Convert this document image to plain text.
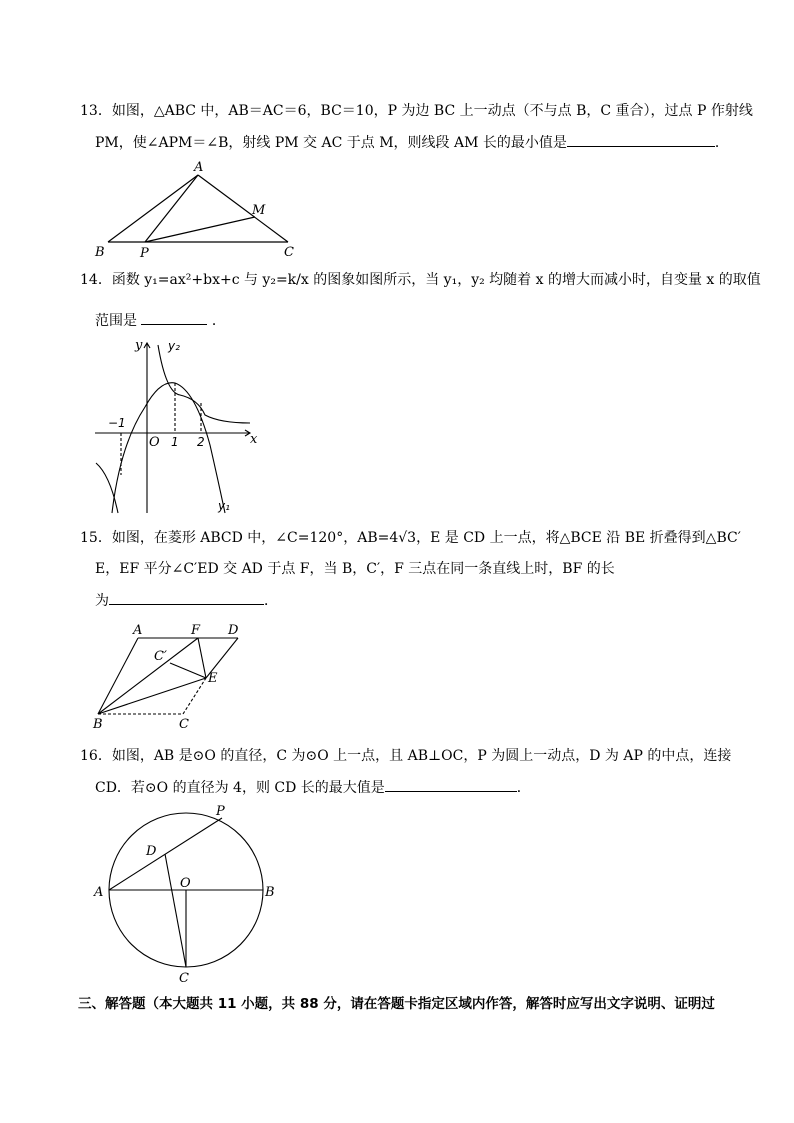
13．如图，△ABC 中，AB＝AC＝6，BC＝10，P 为边 BC 上一动点（不与点 B，C 重合），过点 P 作射线
PM，使∠APM＝∠B，射线 PM 交 AC 于点 M，则线段 AM 长的最小值是	．
A
B	P	C
M
14．函数 y₁=ax²+bx+c 与 y₂=k/x 的图象如图所示，当 y₁，y₂ 均随着 x 的增大而减小时，自变量 x 的取值
范围是	．
y y₂
−1
O 1 2	x
y₁
15．如图，在菱形 ABCD 中，∠C=120°，AB=4√3，E 是 CD 上一点，将△BCE 沿 BE 折叠得到△BC′
E，EF 平分∠C′ED 交 AD 于点 F，当 B，C′，F 三点在同一条直线上时，BF 的长
为	．
A	F D
C′
E
B	C
16．如图，AB 是⊙O 的直径，C 为⊙O 上一点，且 AB⊥OC，P 为圆上一动点，D 为 AP 的中点，连接
CD．若⊙O 的直径为 4，则 CD 长的最大值是	．
P
D
A
O
B
C
三、解答题（本大题共 11 小题，共 88 分，请在答题卡指定区域内作答，解答时应写出文字说明、证明过
